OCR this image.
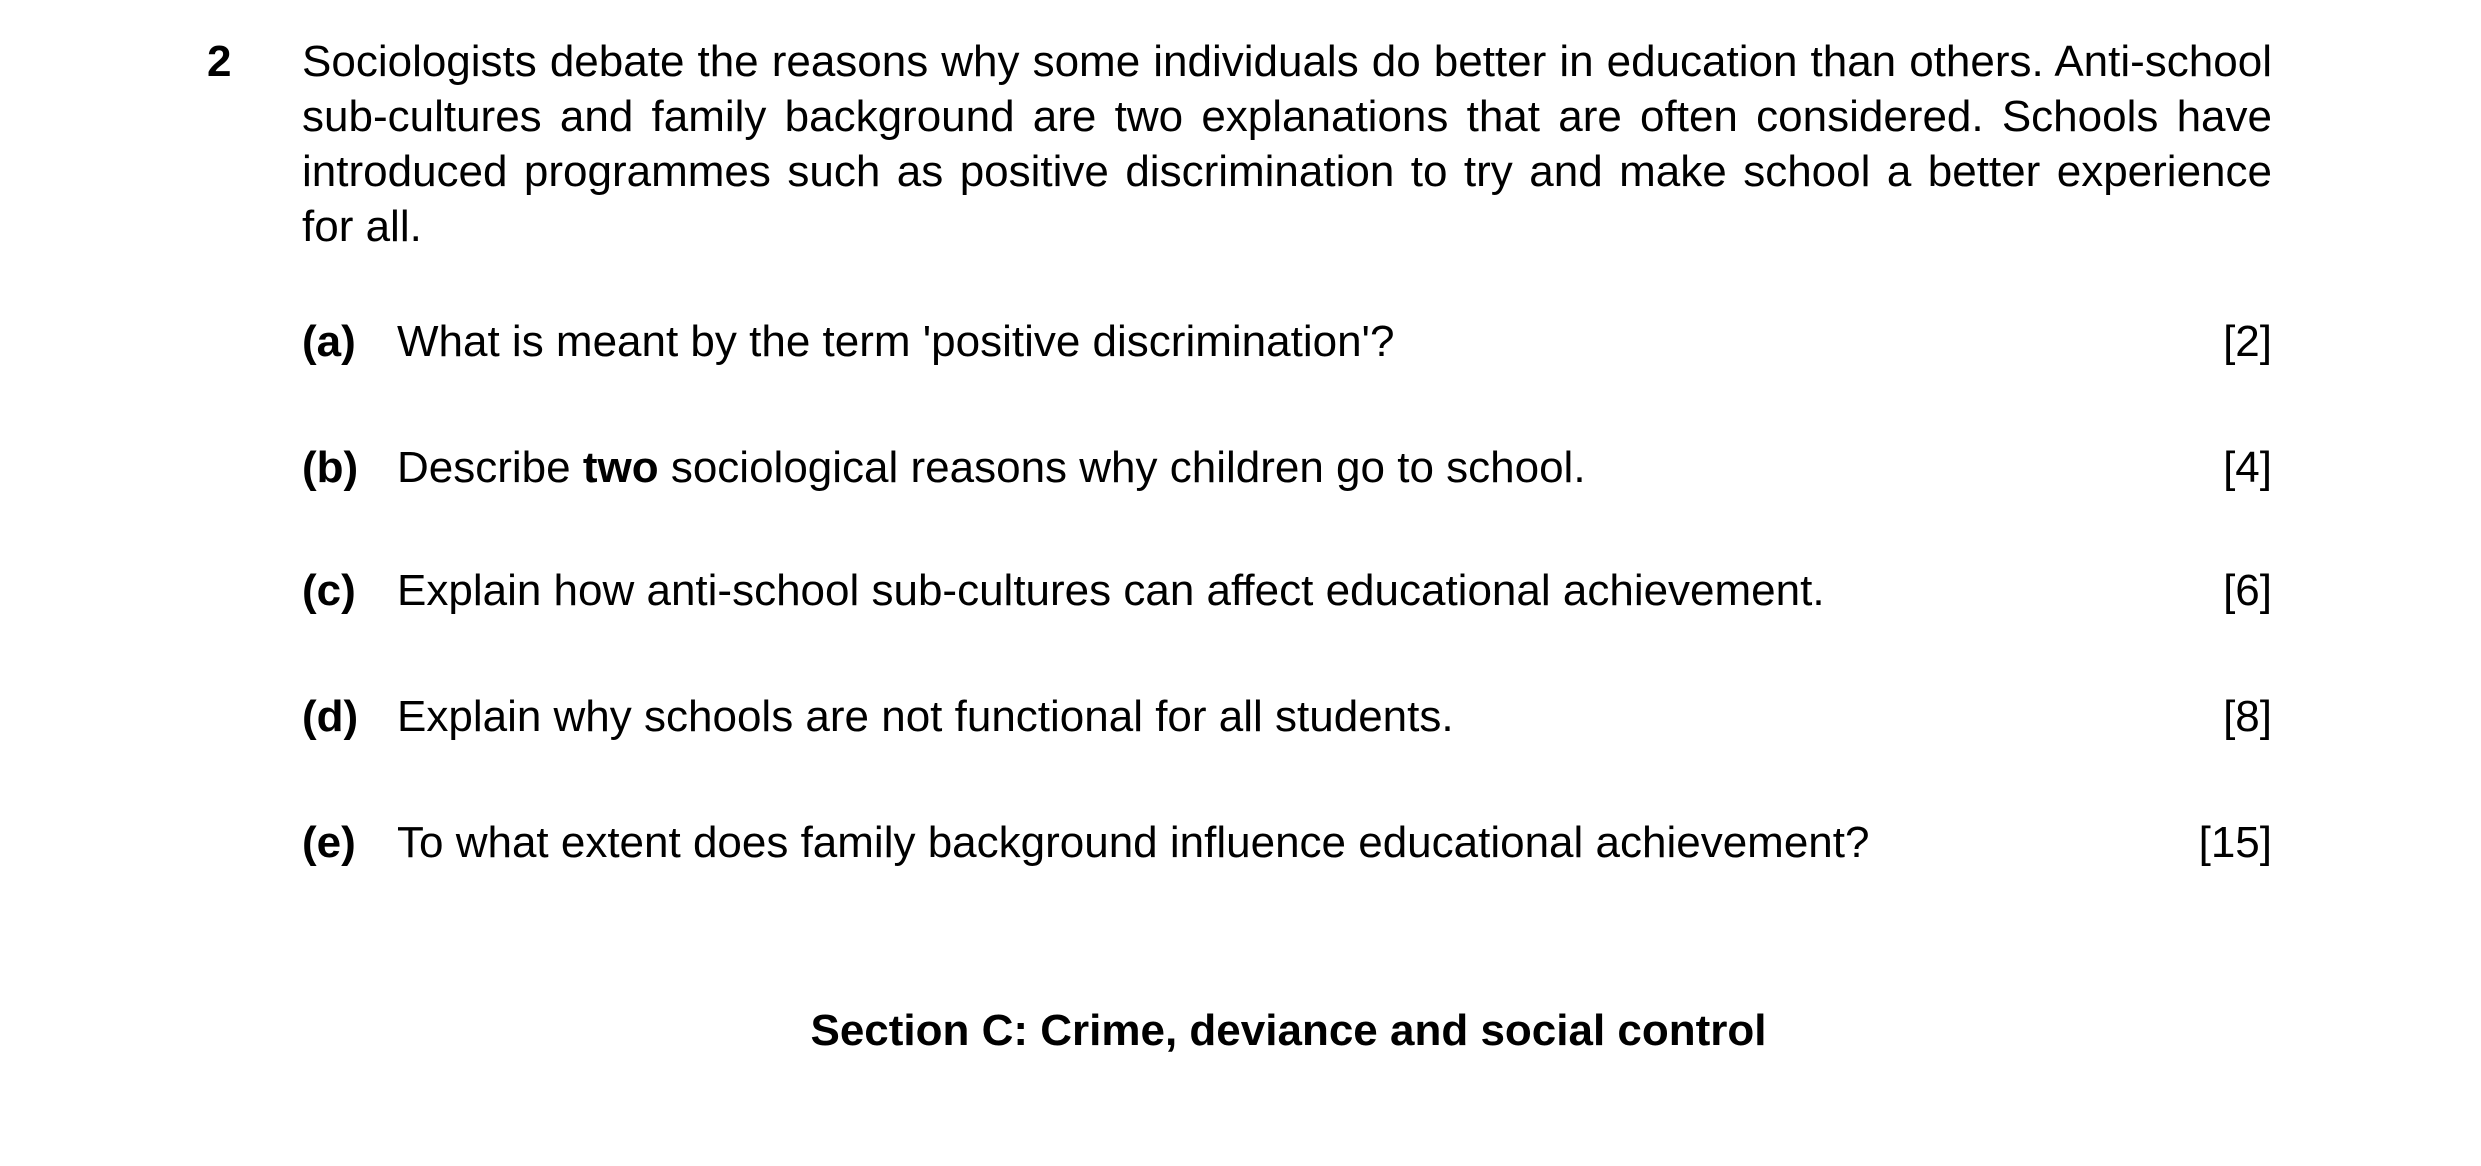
2 Sociologists debate the reasons why some individuals do better in education than others. Anti-school sub-cultures and family background are two explanations that are often considered. Schools have introduced programmes such as positive discrimination to try and make school a better experience for all.
(a) What is meant by the term 'positive discrimination'?	[2]
(b) Describe two sociological reasons why children go to school.	[4]
(c) Explain how anti-school sub-cultures can affect educational achievement.	[6]
(d) Explain why schools are not functional for all students.	[8]
(e) To what extent does family background influence educational achievement?	[15]
Section C: Crime, deviance and social control
